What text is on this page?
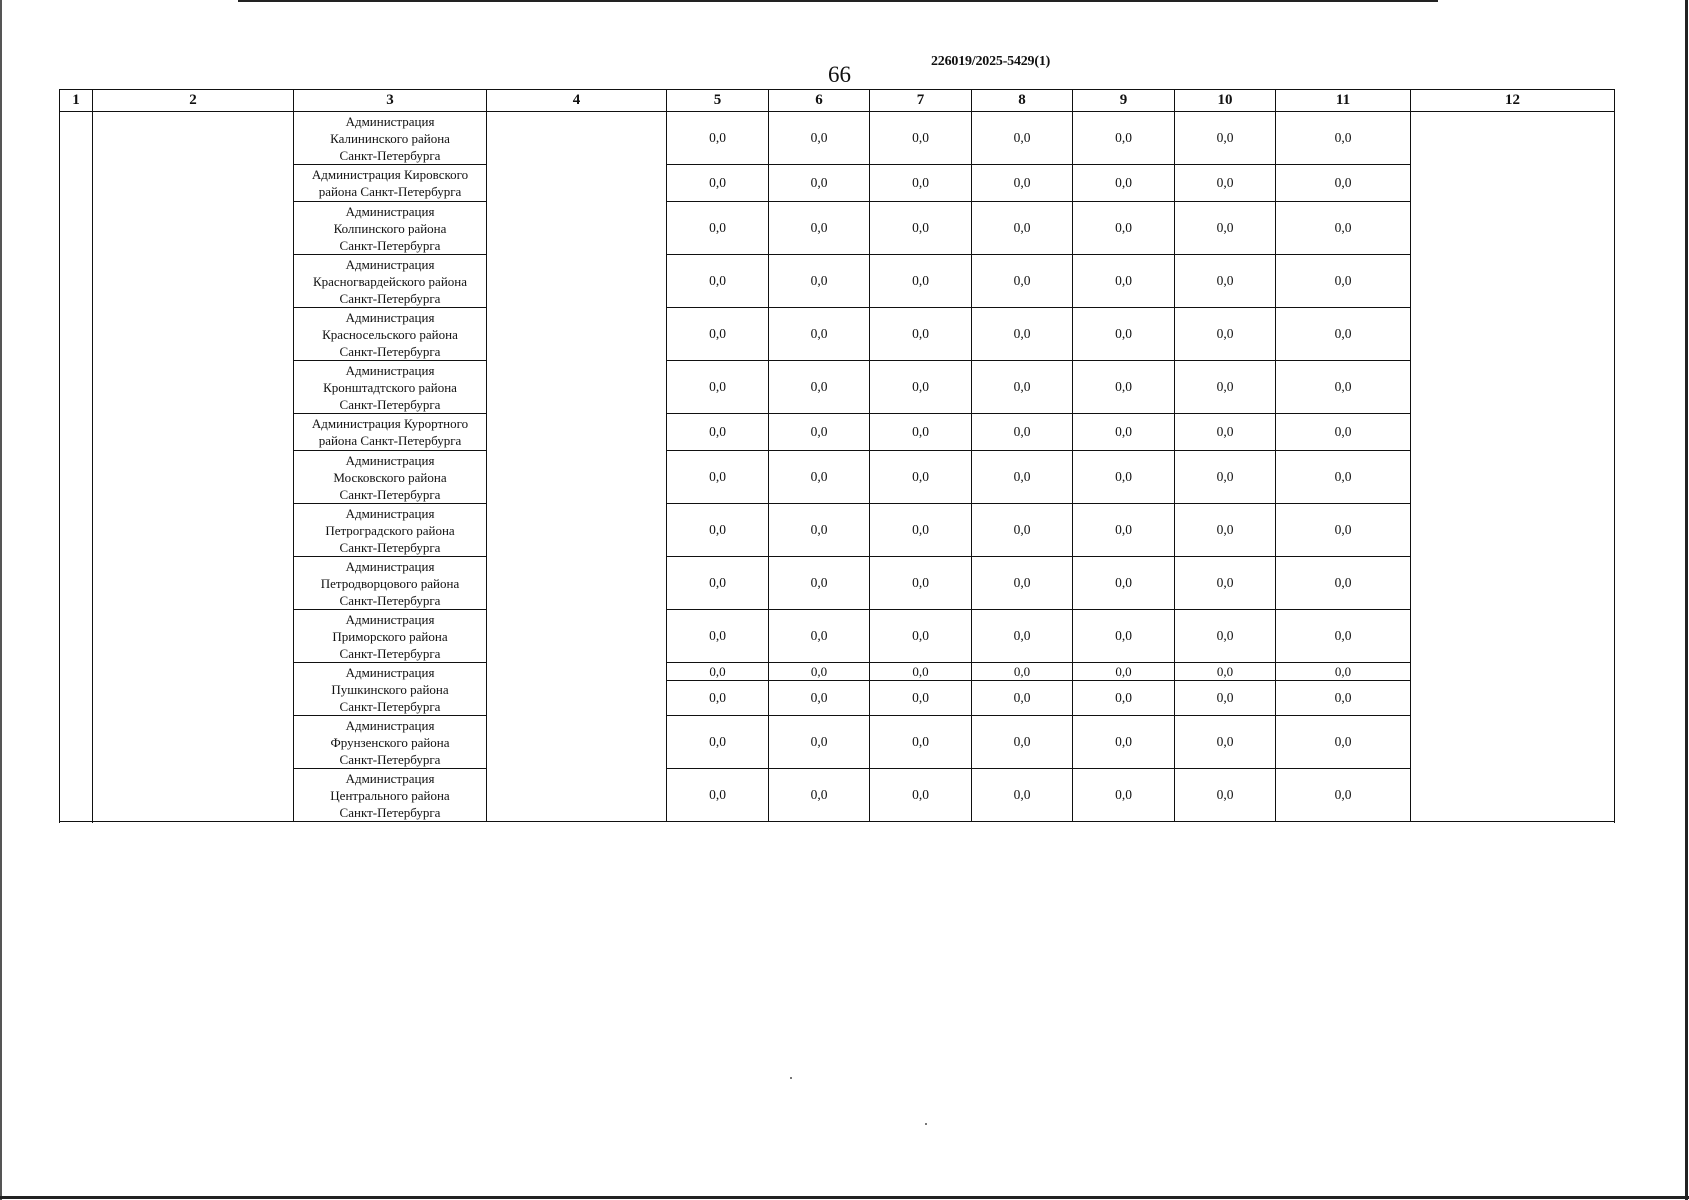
66
226019/2025-5429(1)
1	2	3	4	5	6	7	8	9	10	11	12

		Администрация
Калининского района
Санкт-Петербурга		0,0	0,0	0,0	0,0	0,0	0,0	0,0	

		Администрация Кировского
района Санкт-Петербурга		0,0	0,0	0,0	0,0	0,0	0,0	0,0	

		Администрация
Колпинского района
Санкт-Петербурга		0,0	0,0	0,0	0,0	0,0	0,0	0,0	

		Администрация
Красногвардейского района
Санкт-Петербурга		0,0	0,0	0,0	0,0	0,0	0,0	0,0	

		Администрация
Красносельского района
Санкт-Петербурга		0,0	0,0	0,0	0,0	0,0	0,0	0,0	

		Администрация
Кронштадтского района
Санкт-Петербурга		0,0	0,0	0,0	0,0	0,0	0,0	0,0	

		Администрация Курортного
района Санкт-Петербурга		0,0	0,0	0,0	0,0	0,0	0,0	0,0	

		Администрация
Московского района
Санкт-Петербурга		0,0	0,0	0,0	0,0	0,0	0,0	0,0	

		Администрация
Петроградского района
Санкт-Петербурга		0,0	0,0	0,0	0,0	0,0	0,0	0,0	

		Администрация
Петродворцового района
Санкт-Петербурга		0,0	0,0	0,0	0,0	0,0	0,0	0,0	

		Администрация
Приморского района
Санкт-Петербурга		0,0	0,0	0,0	0,0	0,0	0,0	0,0	

		Администрация
Пушкинского района
Санкт-Петербурга		0,0	0,0	0,0	0,0	0,0	0,0	0,0	
				0,0	0,0	0,0	0,0	0,0	0,0	0,0	

		Администрация
Фрунзенского района
Санкт-Петербурга		0,0	0,0	0,0	0,0	0,0	0,0	0,0	

		Администрация
Центрального района
Санкт-Петербурга		0,0	0,0	0,0	0,0	0,0	0,0	0,0	
